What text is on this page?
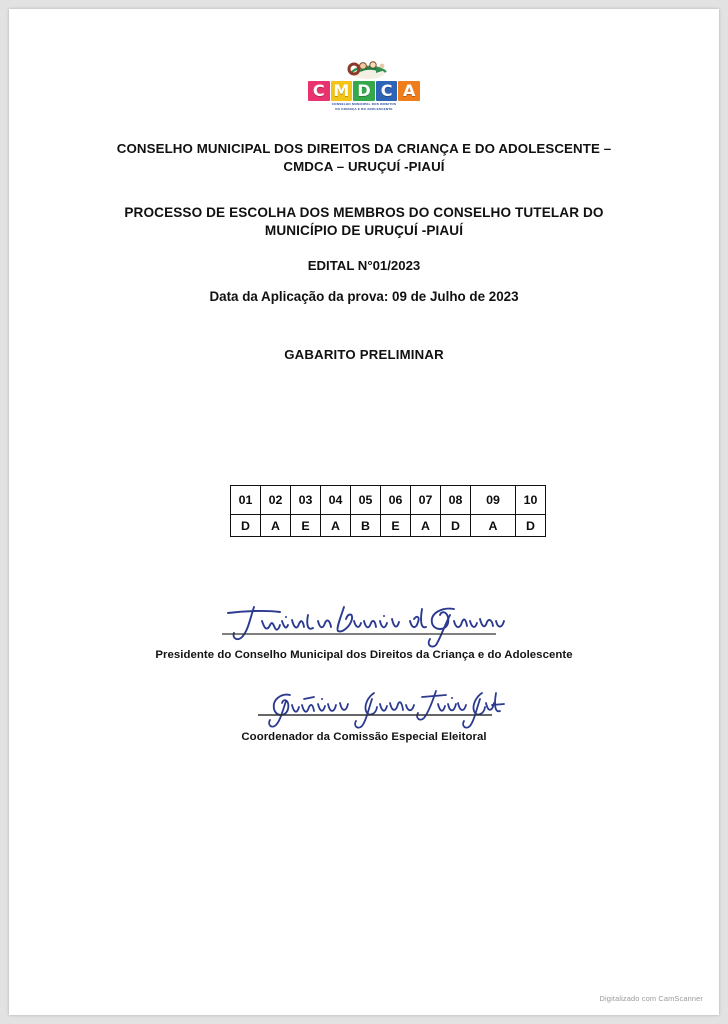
C M D C A
CONSELHO MUNICIPAL DOS DIREITOS
DA CRIANÇA E DO ADOLESCENTE
CONSELHO MUNICIPAL DOS DIREITOS DA CRIANÇA E DO ADOLESCENTE –
CMDCA – URUÇUÍ -PIAUÍ
PROCESSO DE ESCOLHA DOS MEMBROS DO CONSELHO TUTELAR DO
MUNICÍPIO DE URUÇUÍ -PIAUÍ
EDITAL N°01/2023
Data da Aplicação da prova: 09 de Julho de 2023
GABARITO PRELIMINAR
01	02	03	04	05	06	07	08	09	10
D	A	E	A	B	E	A	D	A	D
Presidente do Conselho Municipal dos Direitos da Criança e do Adolescente
Coordenador da Comissão Especial Eleitoral
Digitalizado com CamScanner
